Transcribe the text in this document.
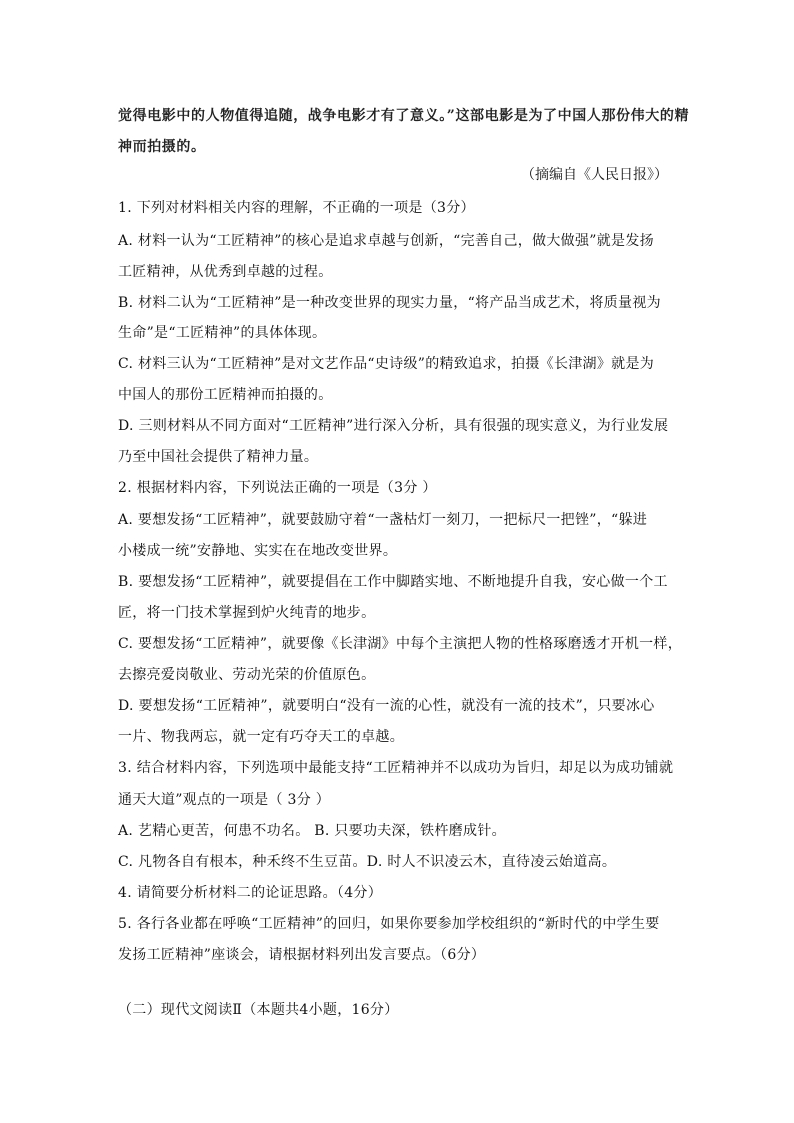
觉得电影中的人物值得追随，战争电影才有了意义。”这部电影是为了中国人那份伟大的精
神而拍摄的。
（摘编自《人民日报》）
1. 下列对材料相关内容的理解，不正确的一项是（3分）
A. 材料一认为“工匠精神”的核心是追求卓越与创新，“完善自己，做大做强”就是发扬
工匠精神，从优秀到卓越的过程。
B. 材料二认为“工匠精神”是一种改变世界的现实力量，“将产品当成艺术，将质量视为
生命”是“工匠精神”的具体体现。
C. 材料三认为“工匠精神”是对文艺作品“史诗级”的精致追求，拍摄《长津湖》就是为
中国人的那份工匠精神而拍摄的。
D. 三则材料从不同方面对“工匠精神”进行深入分析，具有很强的现实意义，为行业发展
乃至中国社会提供了精神力量。
2. 根据材料内容，下列说法正确的一项是（3分 ）
A. 要想发扬“工匠精神”，就要鼓励守着“一盏枯灯一刻刀，一把标尺一把锉”，“躲进
小楼成一统”安静地、实实在在地改变世界。
B. 要想发扬“工匠精神”，就要提倡在工作中脚踏实地、不断地提升自我，安心做一个工
匠，将一门技术掌握到炉火纯青的地步。
C. 要想发扬“工匠精神”，就要像《长津湖》中每个主演把人物的性格琢磨透才开机一样，
去擦亮爱岗敬业、劳动光荣的价值原色。
D. 要想发扬“工匠精神”，就要明白“没有一流的心性，就没有一流的技术”，只要冰心
一片、物我两忘，就一定有巧夺天工的卓越。
3. 结合材料内容，下列选项中最能支持“工匠精神并不以成功为旨归，却足以为成功铺就
通天大道”观点的一项是（ 3分 ）
A. 艺精心更苦，何患不功名。 B. 只要功夫深，铁杵磨成针。
C. 凡物各自有根本，种禾终不生豆苗。D. 时人不识凌云木，直待凌云始道高。
4. 请简要分析材料二的论证思路。（4分）
5. 各行各业都在呼唤“工匠精神”的回归，如果你要参加学校组织的“新时代的中学生要
发扬工匠精神”座谈会，请根据材料列出发言要点。（6分）
（二）现代文阅读Ⅱ（本题共4小题，16分）
